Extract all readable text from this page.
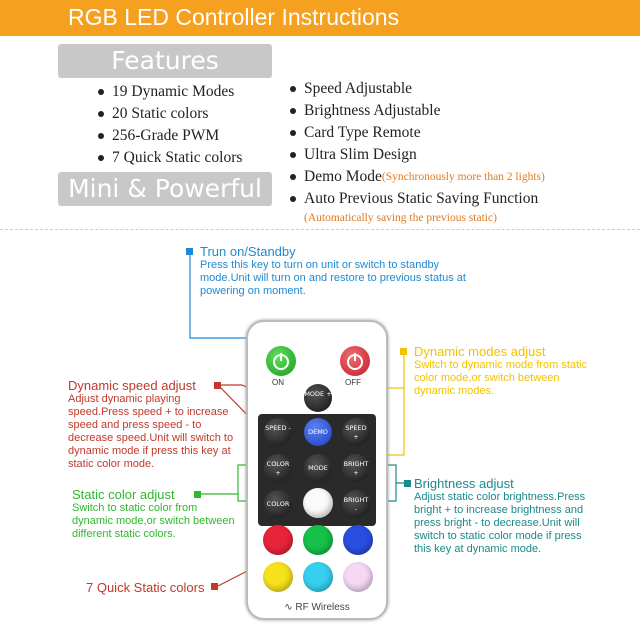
RGB LED Controller Instructions
Features
Mini & Powerful
19 Dynamic Modes
20 Static colors
256-Grade PWM
7 Quick Static colors
Speed Adjustable
Brightness Adjustable
Card Type Remote
Ultra Slim Design
Demo Mode (Synchronously more than 2 lights)
Auto Previous Static Saving Function
(Automatically saving the previous static)
Trun on/Standby
Press this key to turn on unit or switch to standby mode.Unit will turn on and restore to previous status at powering on moment.
Dynamic speed adjust
Adjust dynamic playing speed.Press speed + to increase speed and press speed - to decrease speed.Unit will switch to dynamic mode if press this key at static color mode.
Dynamic modes adjust
Switch to dynamic mode from static color mode,or switch between dynamic modes.
Static color adjust
Switch to static color from dynamic mode,or switch between different static colors.
Brightness adjust
Adjust static color brightness.Press bright + to increase brightness and press bright - to decrease.Unit will switch to static color mode if press this key at dynamic mode.
7 Quick Static colors
ON	OFF
MODE +
SPEED -	DEMO	SPEED +
COLOR +
MODE	BRIGHT +
COLOR	BRIGHT -
∿ RF Wireless
